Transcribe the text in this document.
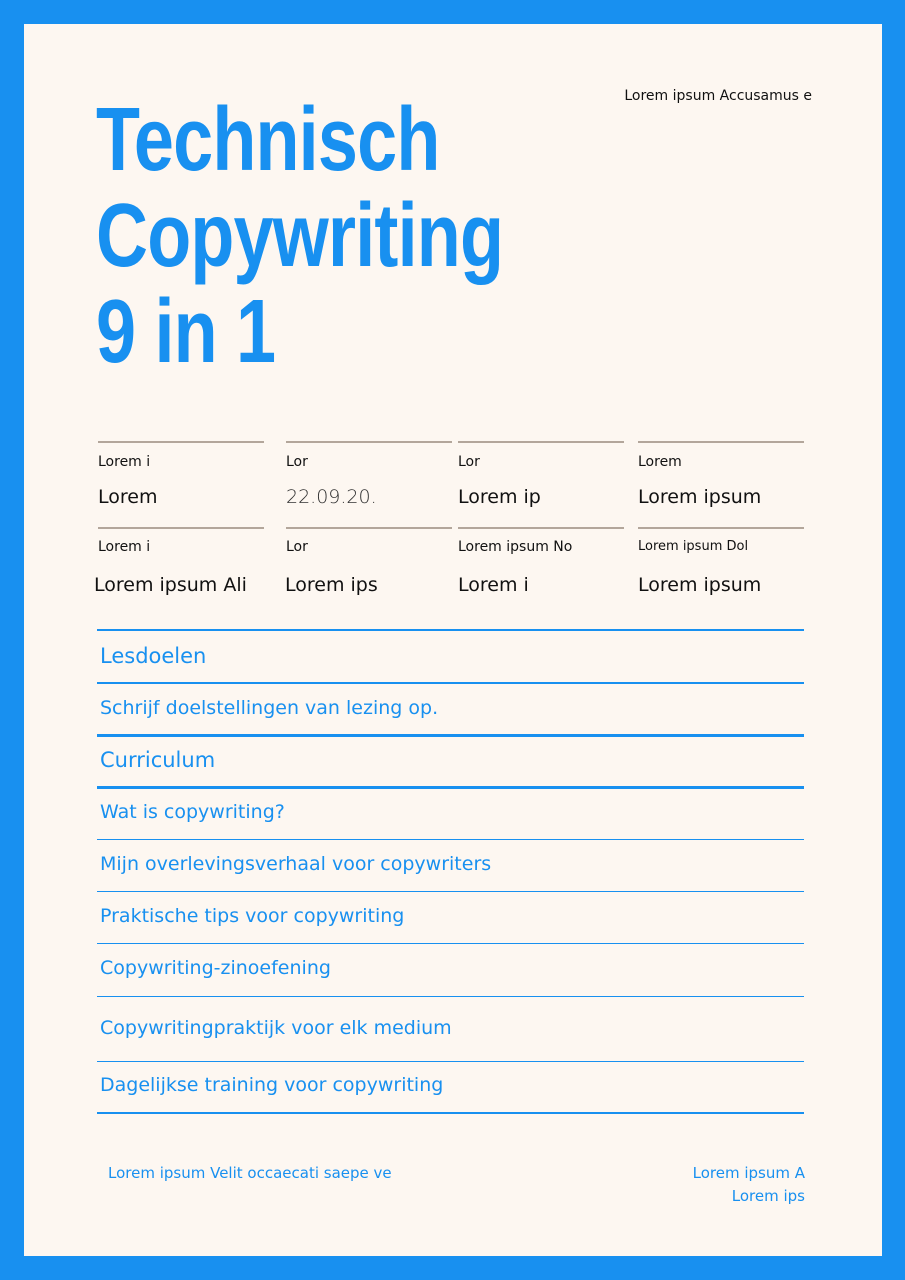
Technisch
Copywriting
9 in 1
Lorem ipsum Accusamus e
Lorem i
Lorem
Lor
22.09.20.
Lor
Lorem ip
Lorem
Lorem ipsum
Lorem i
Lorem ipsum Ali
Lor
Lorem ips
Lorem ipsum No
Lorem i
Lorem ipsum Dol
Lorem ipsum
Lesdoelen
Schrijf doelstellingen van lezing op.
Curriculum
Wat is copywriting?
Mijn overlevingsverhaal voor copywriters
Praktische tips voor copywriting
Copywriting-zinoefening
Copywritingpraktijk voor elk medium
Dagelijkse training voor copywriting
Lorem ipsum Velit occaecati saepe ve	Lorem ipsum A
Lorem ips
